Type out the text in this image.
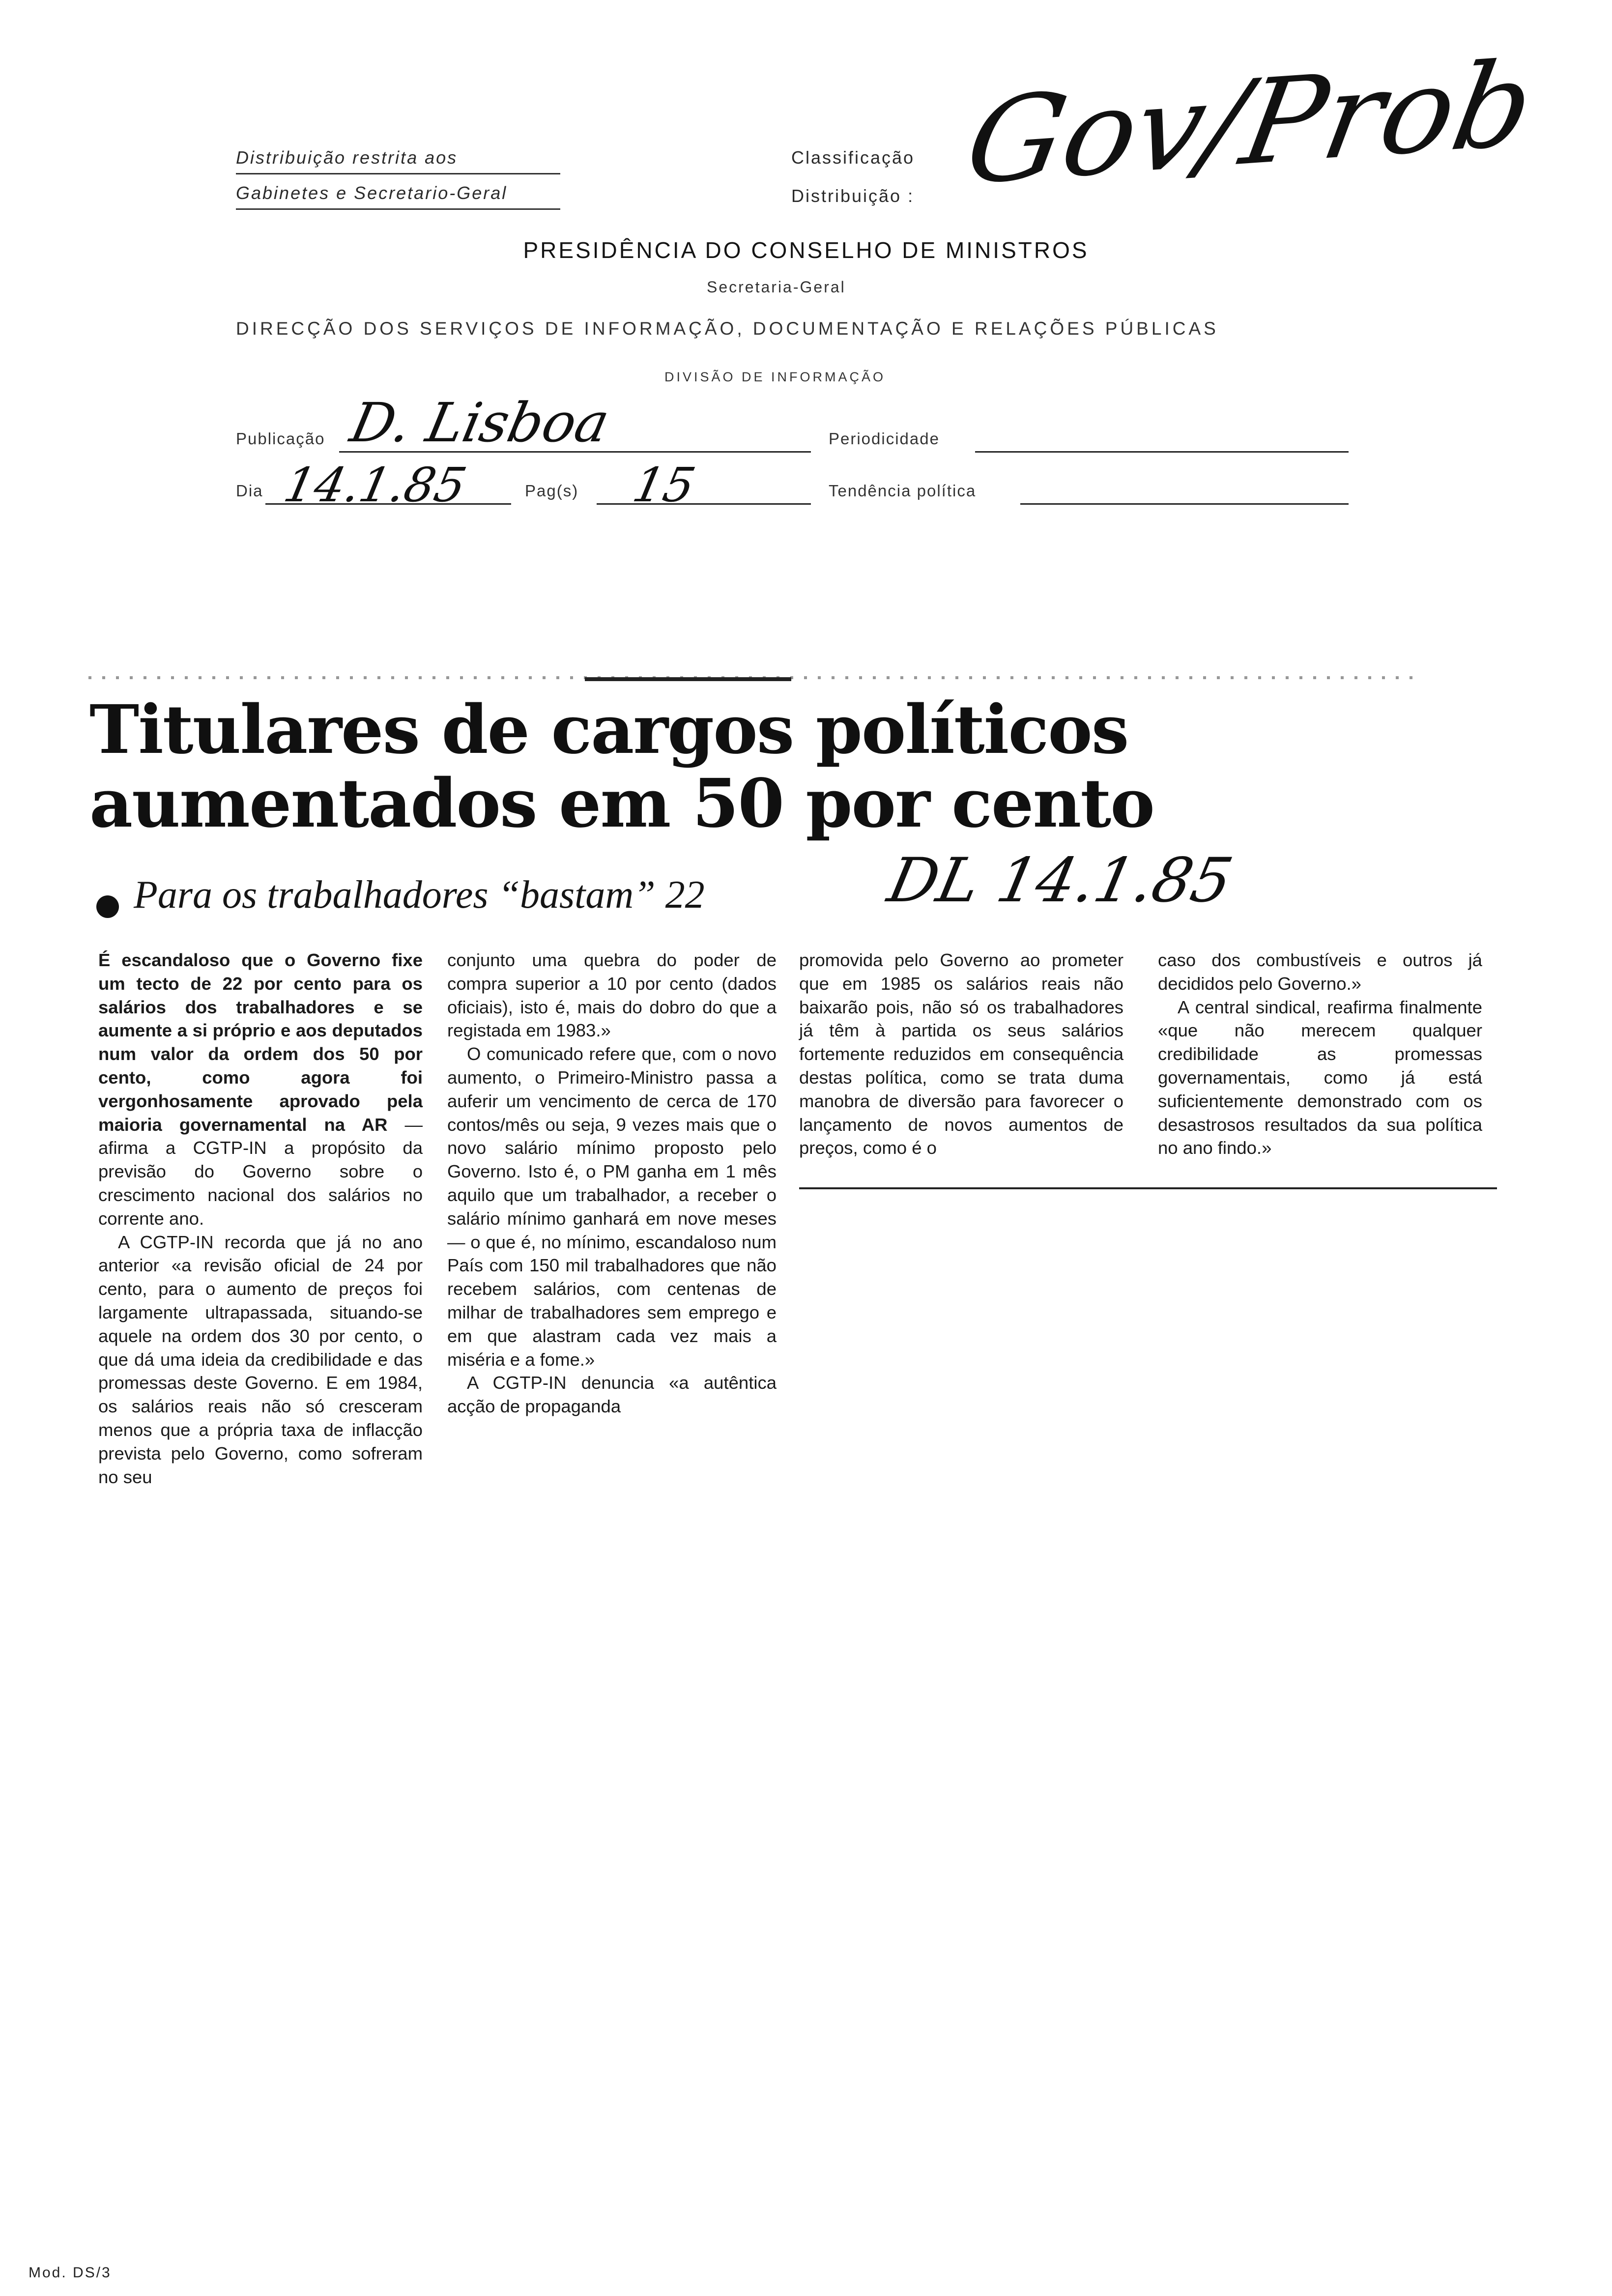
Distribuição restrita aos
Gabinetes e Secretario-Geral
Classificação
Distribuição : Gov/Prob
PRESIDÊNCIA DO CONSELHO DE MINISTROS
Secretaria-Geral
DIRECÇÃO DOS SERVIÇOS DE INFORMAÇÃO, DOCUMENTAÇÃO E RELAÇÕES PÚBLICAS
DIVISÃO DE INFORMAÇÃO
Publicação D. Lisboa	Periodicidade
Dia 14.1.85	Pag(s) 15	Tendência política
Titulares de cargos políticos
aumentados em 50 por cento
Para os trabalhadores “bastam” 22	DL 14.1.85

É escandaloso que o Governo fixe um tecto de 22 por cento para os salários dos trabalhadores e se aumente a si próprio e aos deputados num valor da ordem dos 50 por cento, como agora foi vergonhosamente aprovado pela maioria governamental na AR — afirma a CGTP-IN a propósito da previsão do Governo sobre o crescimento nacional dos salários no corrente ano.

A CGTP-IN recorda que já no ano anterior «a revisão oficial de 24 por cento, para o aumento de preços foi largamente ultrapassada, situando-se aquele na ordem dos 30 por cento, o que dá uma ideia da credibilidade e das promessas deste Governo. E em 1984, os salários reais não só cresceram menos que a própria taxa de inflacção prevista pelo Governo, como sofreram no seu

conjunto uma quebra do poder de compra superior a 10 por cento (dados oficiais), isto é, mais do dobro do que a registada em 1983.»

O comunicado refere que, com o novo aumento, o Primeiro-Ministro passa a auferir um vencimento de cerca de 170 contos/mês ou seja, 9 vezes mais que o novo salário mínimo proposto pelo Governo. Isto é, o PM ganha em 1 mês aquilo que um trabalhador, a receber o salário mínimo ganhará em nove meses — o que é, no mínimo, escandaloso num País com 150 mil trabalhadores que não recebem salários, com centenas de milhar de trabalhadores sem emprego e em que alastram cada vez mais a miséria e a fome.»

A CGTP-IN denuncia «a autêntica acção de propaganda

promovida pelo Governo ao prometer que em 1985 os salários reais não baixarão pois, não só os trabalhadores já têm à partida os seus salários fortemente reduzidos em consequência destas política, como se trata duma manobra de diversão para favorecer o lançamento de novos aumentos de preços, como é o

caso dos combustíveis e outros já decididos pelo Governo.»

A central sindical, reafirma finalmente «que não merecem qualquer credibilidade as promessas governamentais, como já está suficientemente demonstrado com os desastrosos resultados da sua política no ano findo.»

Mod. DS/3
